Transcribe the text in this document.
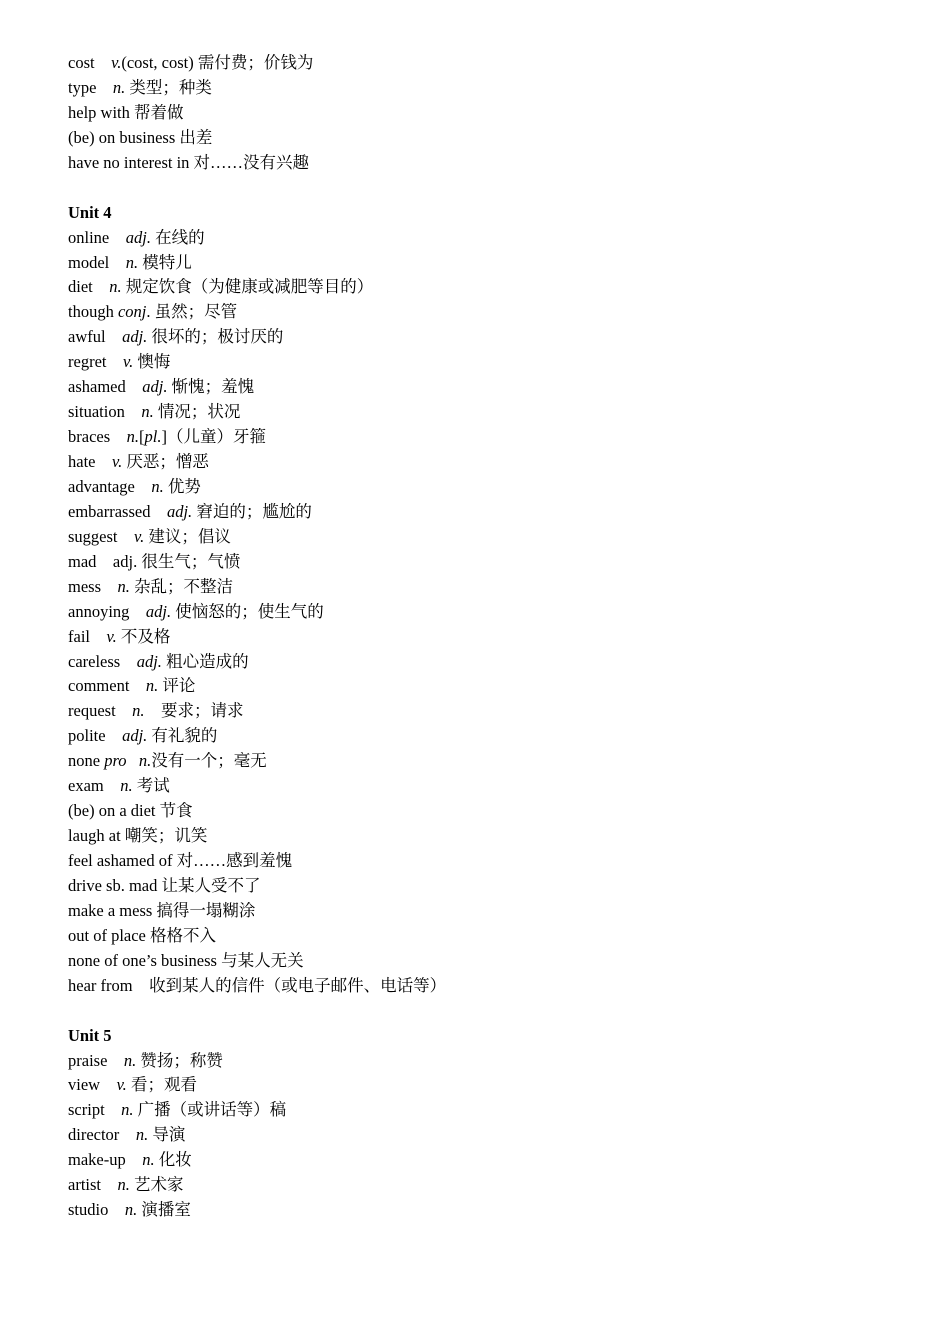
cost    v.(cost, cost) 需付费；价钱为
type    n. 类型；种类
help with 帮着做
(be) on business 出差
have no interest in 对……没有兴趣
Unit 4
online    adj. 在线的
model    n. 模特儿
diet    n. 规定饮食（为健康或减肥等目的）
though conj. 虽然；尽管
awful    adj. 很坏的；极讨厌的
regret    v. 懊悔
ashamed    adj. 惭愧；羞愧
situation    n. 情况；状况
braces    n.[pl.]（儿童）牙箍
hate    v. 厌恶；憎恶
advantage    n. 优势
embarrassed    adj. 窘迫的；尴尬的
suggest    v. 建议；倡议
mad    adj. 很生气；气愤
mess    n. 杂乱；不整洁
annoying    adj. 使恼怒的；使生气的
fail    v. 不及格
careless    adj. 粗心造成的
comment    n. 评论
request    n.    要求；请求
polite    adj. 有礼貌的
none pro n.没有一个；毫无
exam    n. 考试
(be) on a diet 节食
laugh at 嘲笑；讥笑
feel ashamed of 对……感到羞愧
drive sb. mad 让某人受不了
make a mess 搞得一塌糊涂
out of place 格格不入
none of one’s business 与某人无关
hear from    收到某人的信件（或电子邮件、电话等）
Unit 5
praise    n. 赞扬；称赞
view    v. 看；观看
script    n. 广播（或讲话等）稿
director    n. 导演
make-up    n. 化妆
artist    n. 艺术家
studio    n. 演播室
